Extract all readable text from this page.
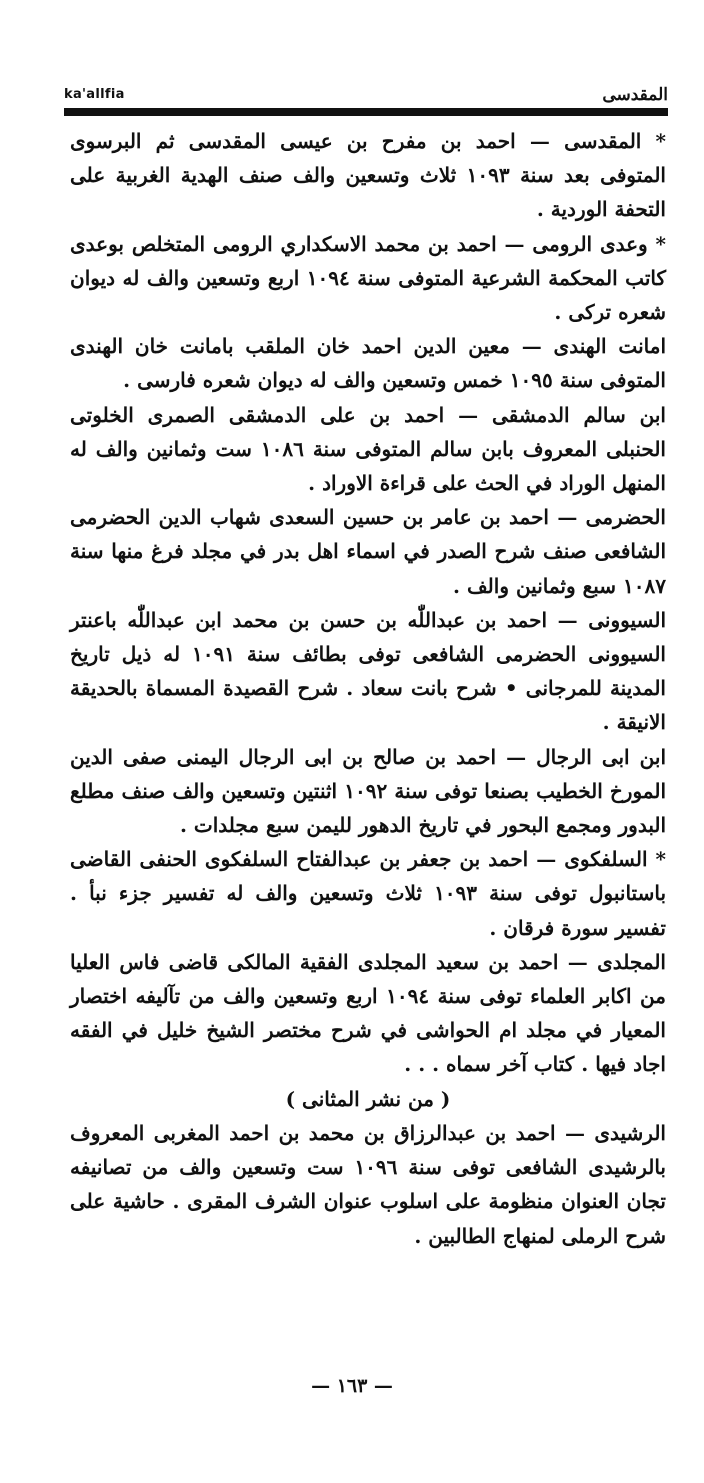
ka'allfia	المقدسى

* المقدسى — احمد بن مفرح بن عيسى المقدسى ثم البرسوى المتوفى بعد سنة ١٠٩٣ ثلاث وتسعين والف صنف الهدية الغربية على التحفة الوردية .

* وعدى الرومى — احمد بن محمد الاسكداري الرومى المتخلص بوعدى كاتب المحكمة الشرعية المتوفى سنة ١٠٩٤ اربع وتسعين والف له ديوان شعره تركى .

امانت الهندى — معين الدين احمد خان الملقب بامانت خان الهندى المتوفى سنة ١٠٩٥ خمس وتسعين والف له ديوان شعره فارسى .

ابن سالم الدمشقى — احمد بن على الدمشقى الصمرى الخلوتى الحنبلى المعروف بابن سالم المتوفى سنة ١٠٨٦ ست وثمانين والف له المنهل الوراد في الحث على قراءة الاوراد .

الحضرمى — احمد بن عامر بن حسين السعدى شهاب الدين الحضرمى الشافعى صنف شرح الصدر في اسماء اهل بدر في مجلد فرغ منها سنة ١٠٨٧ سبع وثمانين والف .

السيوونى — احمد بن عبداللّٰه بن حسن بن محمد ابن عبداللّٰه باعنتر السيوونى الحضرمى الشافعى توفى بطائف سنة ١٠٩١ له ذيل تاريخ المدينة للمرجانى • شرح بانت سعاد . شرح القصيدة المسماة بالحديقة الانيقة .

ابن ابى الرجال — احمد بن صالح بن ابى الرجال اليمنى صفى الدين المورخ الخطيب بصنعا توفى سنة ١٠٩٢ اثنتين وتسعين والف صنف مطلع البدور ومجمع البحور في تاريخ الدهور لليمن سبع مجلدات .

* السلفكوى — احمد بن جعفر بن عبدالفتاح السلفكوى الحنفى القاضى باستانبول توفى سنة ١٠٩٣ ثلاث وتسعين والف له تفسير جزء نبأ . تفسير سورة فرقان .

المجلدى — احمد بن سعيد المجلدى الفقية المالكى قاضى فاس العليا من اكابر العلماء توفى سنة ١٠٩٤ اربع وتسعين والف من تآليفه اختصار المعيار في مجلد ام الحواشى في شرح مختصر الشيخ خليل في الفقه اجاد فيها . كتاب آخر سماه . . .

( من نشر المثانى )

الرشيدى — احمد بن عبدالرزاق بن محمد بن احمد المغربى المعروف بالرشيدى الشافعى توفى سنة ١٠٩٦ ست وتسعين والف من تصانيفه تجان العنوان منظومة على اسلوب عنوان الشرف المقرى . حاشية على شرح الرملى لمنهاج الطالبين .

— ١٦٣ —
